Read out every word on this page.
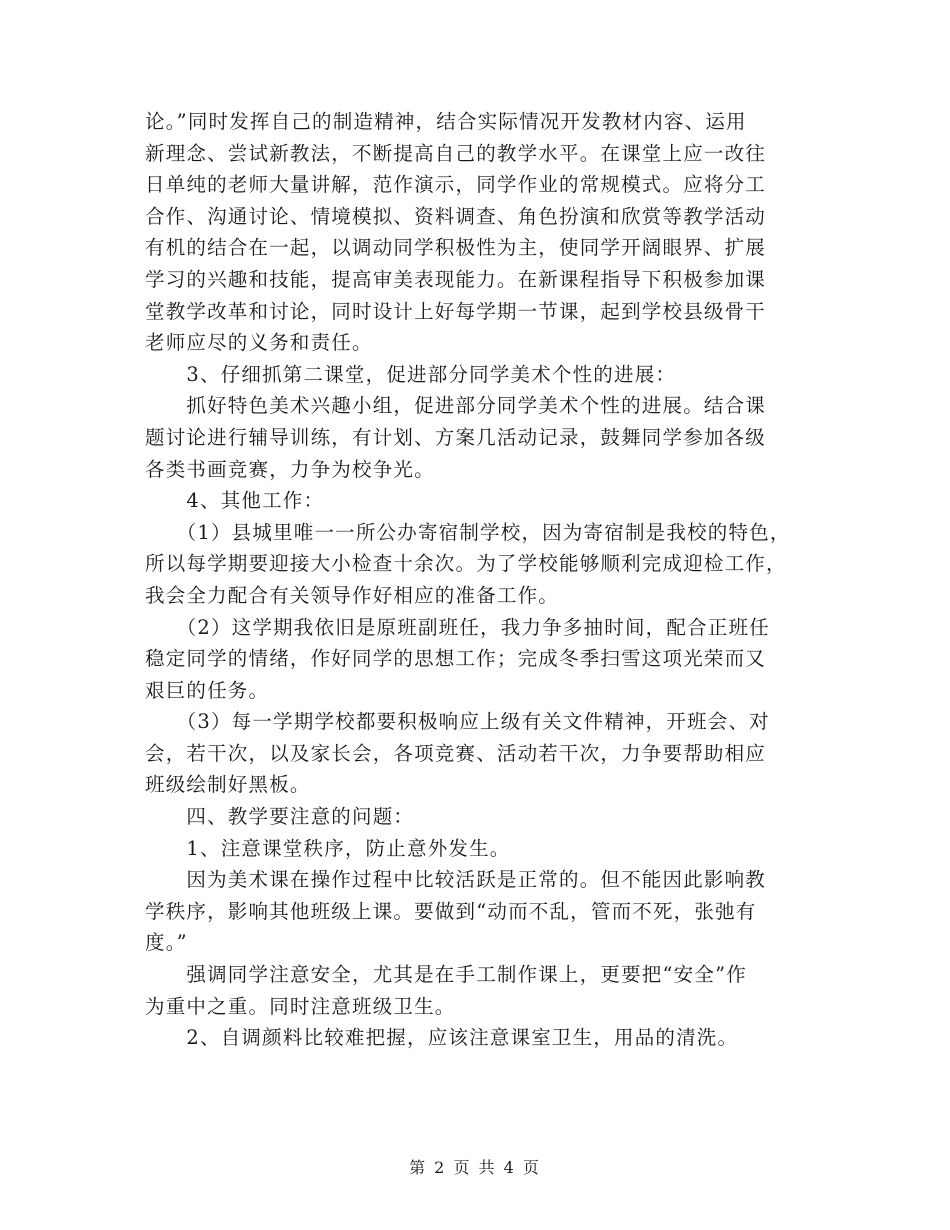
论。”同时发挥自己的制造精神，结合实际情况开发教材内容、运用
新理念、尝试新教法，不断提高自己的教学水平。在课堂上应一改往
日单纯的老师大量讲解，范作演示，同学作业的常规模式。应将分工
合作、沟通讨论、情境模拟、资料调查、角色扮演和欣赏等教学活动
有机的结合在一起，以调动同学积极性为主，使同学开阔眼界、扩展
学习的兴趣和技能，提高审美表现能力。在新课程指导下积极参加课
堂教学改革和讨论，同时设计上好每学期一节课，起到学校县级骨干
老师应尽的义务和责任。
　　3、仔细抓第二课堂，促进部分同学美术个性的进展：
　　抓好特色美术兴趣小组，促进部分同学美术个性的进展。结合课
题讨论进行辅导训练，有计划、方案几活动记录，鼓舞同学参加各级
各类书画竞赛，力争为校争光。
　　4、其他工作：
　　（1）县城里唯一一所公办寄宿制学校，因为寄宿制是我校的特色，
所以每学期要迎接大小检查十余次。为了学校能够顺利完成迎检工作，
我会全力配合有关领导作好相应的准备工作。
　　（2）这学期我依旧是原班副班任，我力争多抽时间，配合正班任
稳定同学的情绪，作好同学的思想工作；完成冬季扫雪这项光荣而又
艰巨的任务。
　　（3）每一学期学校都要积极响应上级有关文件精神，开班会、对
会，若干次，以及家长会，各项竞赛、活动若干次，力争要帮助相应
班级绘制好黑板。
　　四、教学要注意的问题：
　　1、注意课堂秩序，防止意外发生。
　　因为美术课在操作过程中比较活跃是正常的。但不能因此影响教
学秩序，影响其他班级上课。要做到“动而不乱，管而不死，张弛有
度。”
　　强调同学注意安全，尤其是在手工制作课上，更要把“安全”作
为重中之重。同时注意班级卫生。
　　2、自调颜料比较难把握，应该注意课室卫生，用品的清洗。
第 2 页 共 4 页
